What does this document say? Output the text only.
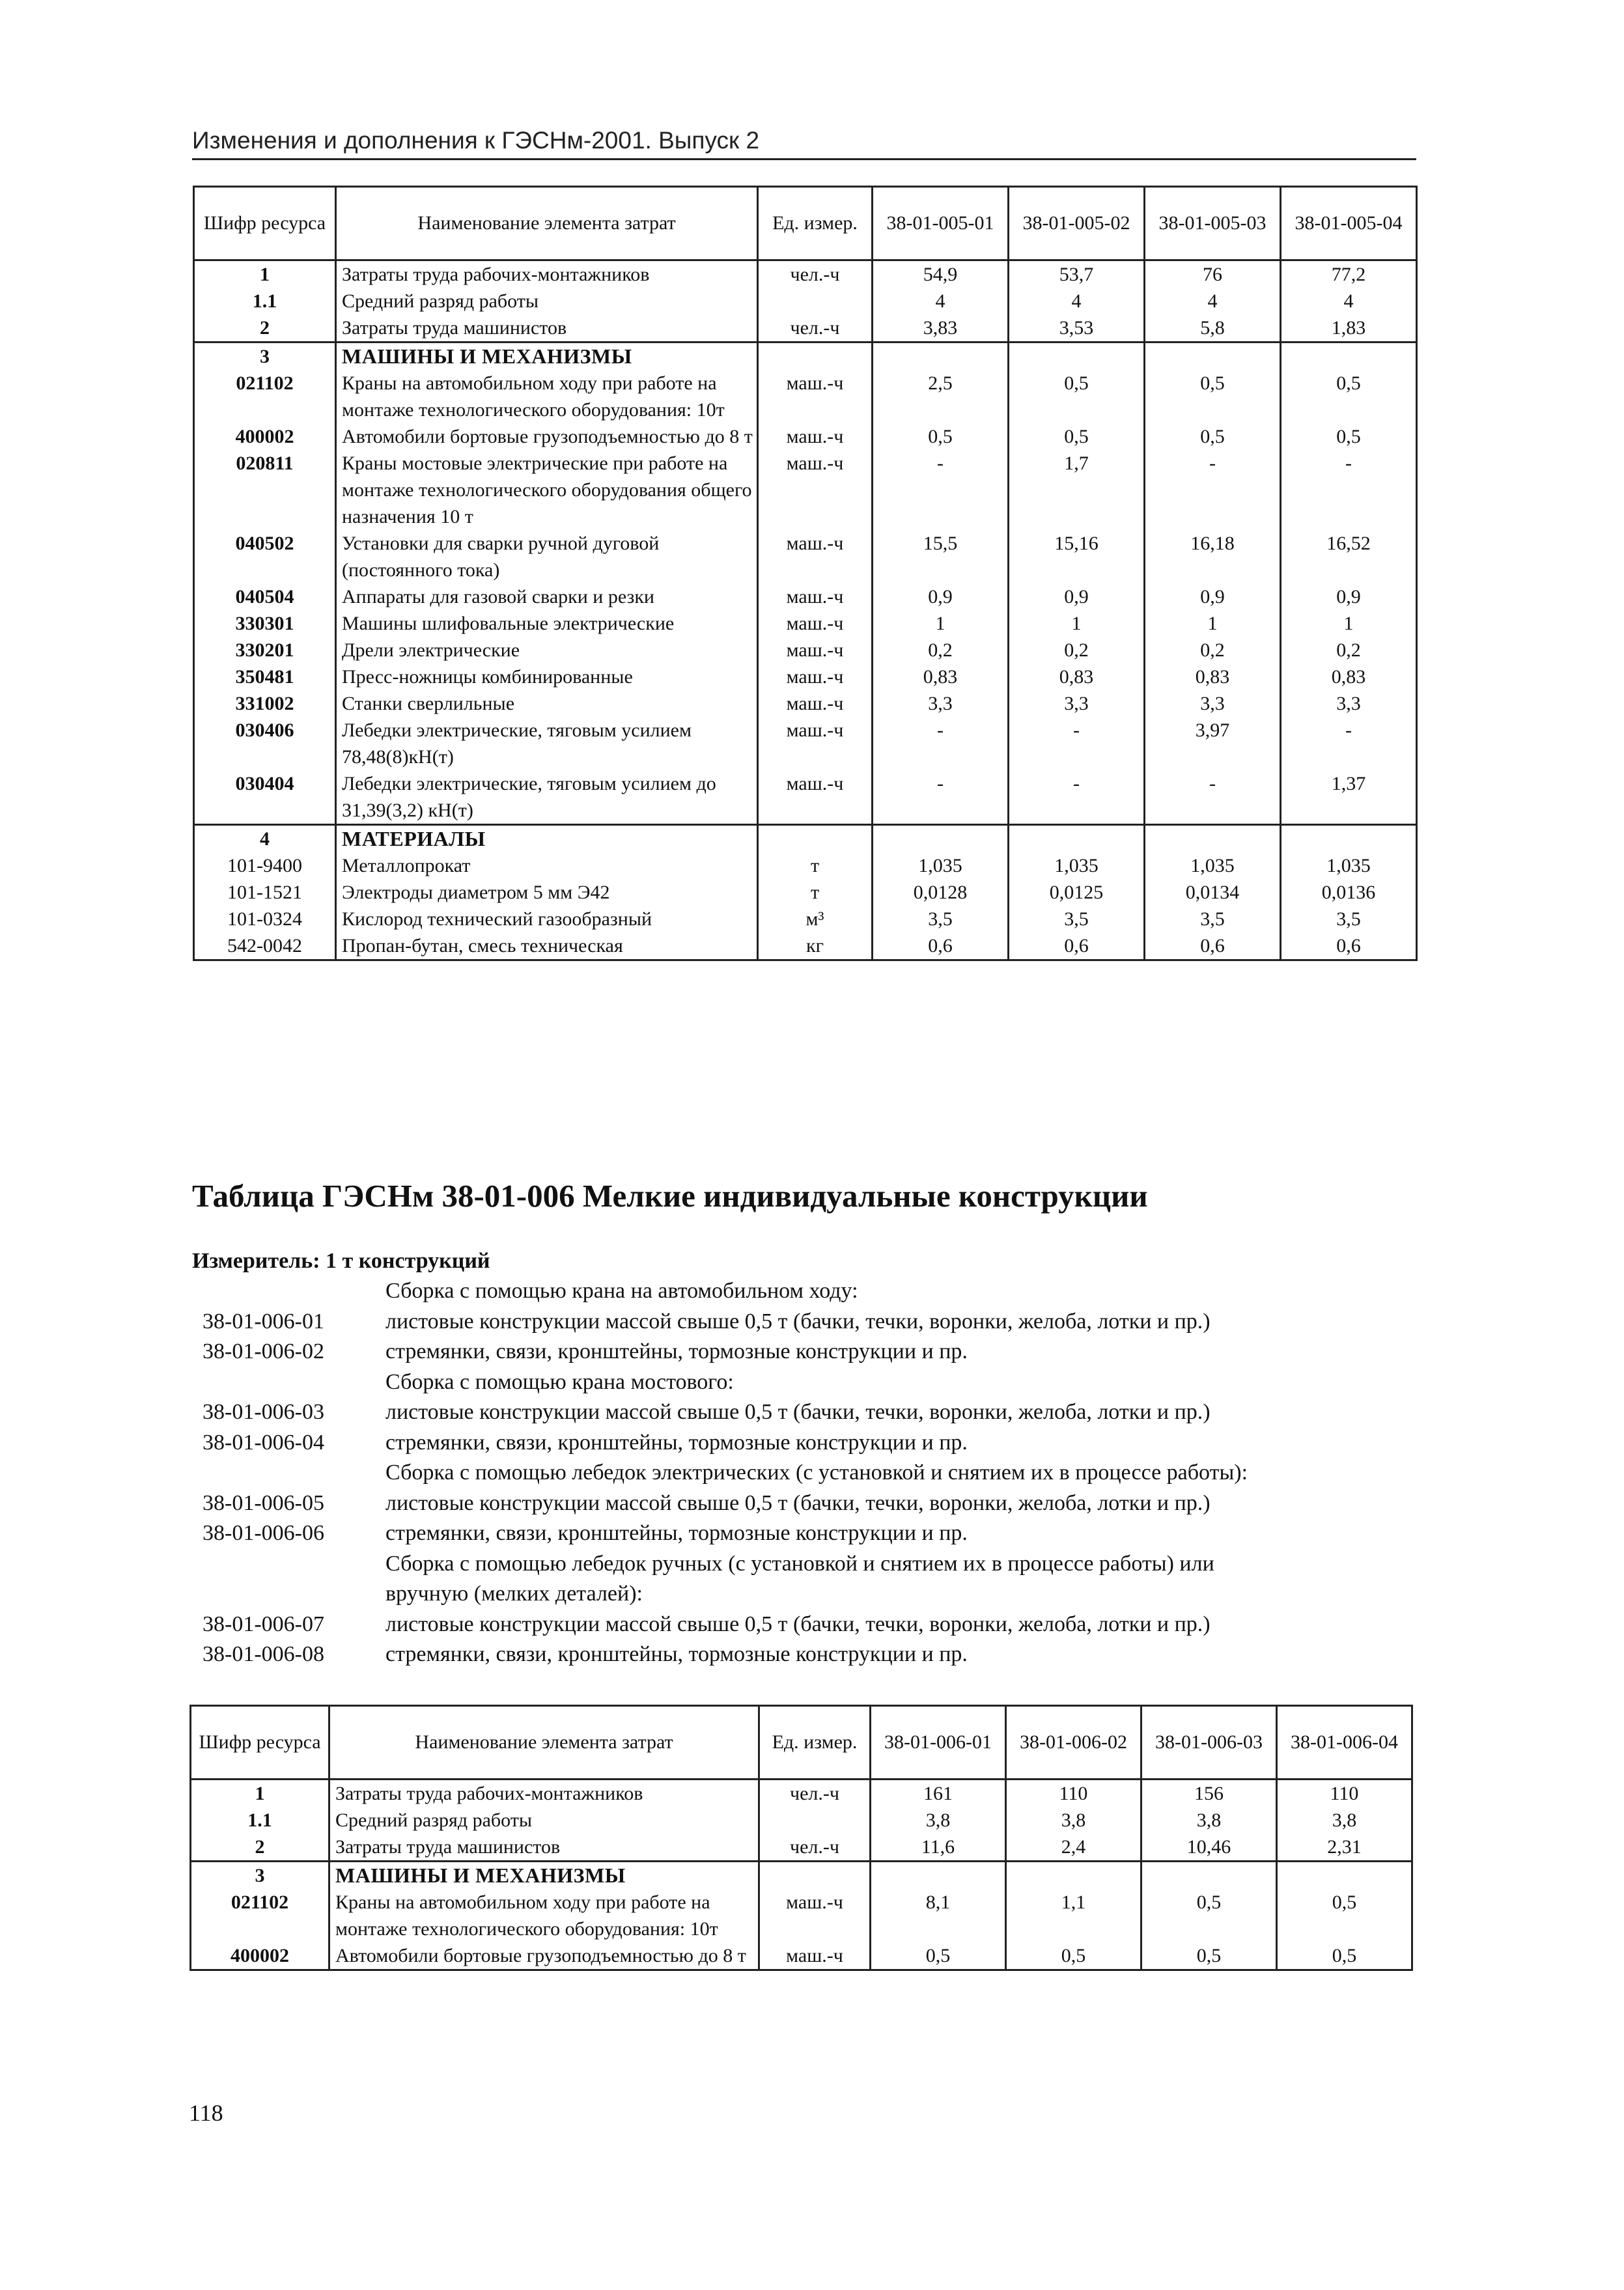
Изменения и дополнения к ГЭСНм-2001. Выпуск 2
Шифр ресурса	Наименование элемента затрат	Ед. измер.	38-01-005-01	38-01-005-02	38-01-005-03	38-01-005-04
1	Затраты труда рабочих-монтажников	чел.-ч	54,9	53,7	76	77,2
1.1	Средний разряд работы		4	4	4	4
2	Затраты труда машинистов	чел.-ч	3,83	3,53	5,8	1,83
3	МАШИНЫ И МЕХАНИЗМЫ					
021102	Краны на автомобильном ходу при работе на монтаже технологического оборудования: 10т	маш.-ч	2,5	0,5	0,5	0,5
400002	Автомобили бортовые грузоподъемностью до 8 т	маш.-ч	0,5	0,5	0,5	0,5
020811	Краны мостовые электрические при работе на монтаже технологического оборудования общего назначения 10 т	маш.-ч	-	1,7	-	-
040502	Установки для сварки ручной дуговой (постоянного тока)	маш.-ч	15,5	15,16	16,18	16,52
040504	Аппараты для газовой сварки и резки	маш.-ч	0,9	0,9	0,9	0,9
330301	Машины шлифовальные электрические	маш.-ч	1	1	1	1
330201	Дрели электрические	маш.-ч	0,2	0,2	0,2	0,2
350481	Пресс-ножницы комбинированные	маш.-ч	0,83	0,83	0,83	0,83
331002	Станки сверлильные	маш.-ч	3,3	3,3	3,3	3,3
030406	Лебедки электрические, тяговым усилием 78,48(8)кН(т)	маш.-ч	-	-	3,97	-
030404	Лебедки электрические, тяговым усилием до 31,39(3,2) кН(т)	маш.-ч	-	-	-	1,37
4	МАТЕРИАЛЫ					
101-9400	Металлопрокат	т	1,035	1,035	1,035	1,035
101-1521	Электроды диаметром 5 мм Э42	т	0,0128	0,0125	0,0134	0,0136
101-0324	Кислород технический газообразный	м³	3,5	3,5	3,5	3,5
542-0042	Пропан-бутан, смесь техническая	кг	0,6	0,6	0,6	0,6
Таблица ГЭСНм 38-01-006 Мелкие индивидуальные конструкции
Измеритель: 1 т конструкций
Сборка с помощью крана на автомобильном ходу:
38-01-006-01	листовые конструкции массой свыше 0,5 т (бачки, течки, воронки, желоба, лотки и пр.)
38-01-006-02	стремянки, связи, кронштейны, тормозные конструкции и пр.
Сборка с помощью крана мостового:
38-01-006-03	листовые конструкции массой свыше 0,5 т (бачки, течки, воронки, желоба, лотки и пр.)
38-01-006-04	стремянки, связи, кронштейны, тормозные конструкции и пр.
Сборка с помощью лебедок электрических (с установкой и снятием их в процессе работы):
38-01-006-05	листовые конструкции массой свыше 0,5 т (бачки, течки, воронки, желоба, лотки и пр.)
38-01-006-06	стремянки, связи, кронштейны, тормозные конструкции и пр.
Сборка с помощью лебедок ручных (с установкой и снятием их в процессе работы) или
вручную (мелких деталей):
38-01-006-07	листовые конструкции массой свыше 0,5 т (бачки, течки, воронки, желоба, лотки и пр.)
38-01-006-08	стремянки, связи, кронштейны, тормозные конструкции и пр.
Шифр ресурса	Наименование элемента затрат	Ед. измер.	38-01-006-01	38-01-006-02	38-01-006-03	38-01-006-04
1	Затраты труда рабочих-монтажников	чел.-ч	161	110	156	110
1.1	Средний разряд работы		3,8	3,8	3,8	3,8
2	Затраты труда машинистов	чел.-ч	11,6	2,4	10,46	2,31
3	МАШИНЫ И МЕХАНИЗМЫ					
021102	Краны на автомобильном ходу при работе на монтаже технологического оборудования: 10т	маш.-ч	8,1	1,1	0,5	0,5
400002	Автомобили бортовые грузоподъемностью до 8 т	маш.-ч	0,5	0,5	0,5	0,5
118
